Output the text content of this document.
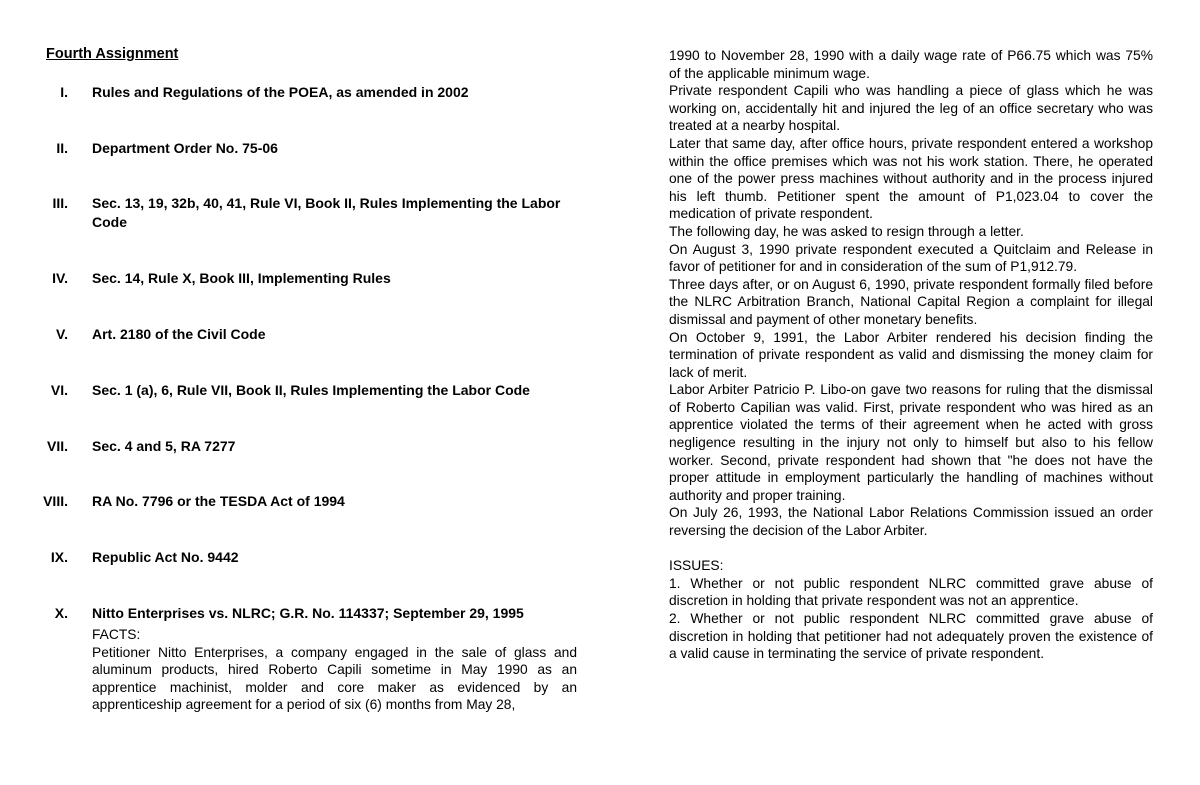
Fourth Assignment

I. Rules and Regulations of the POEA, as amended in 2002
II. Department Order No. 75-06
III. Sec. 13, 19, 32b, 40, 41, Rule VI, Book II, Rules Implementing the Labor Code
IV. Sec. 14, Rule X, Book III, Implementing Rules
V. Art. 2180 of the Civil Code
VI. Sec. 1 (a), 6, Rule VII, Book II, Rules Implementing the Labor Code
VII. Sec. 4 and 5, RA 7277
VIII. RA No. 7796 or the TESDA Act of 1994
IX. Republic Act No. 9442
X. Nitto Enterprises vs. NLRC; G.R. No. 114337; September 29, 1995
FACTS:
Petitioner Nitto Enterprises, a company engaged in the sale of glass and aluminum products, hired Roberto Capili sometime in May 1990 as an apprentice machinist, molder and core maker as evidenced by an apprenticeship agreement for a period of six (6) months from May 28,

1990 to November 28, 1990 with a daily wage rate of P66.75 which was 75% of the applicable minimum wage.

Private respondent Capili who was handling a piece of glass which he was working on, accidentally hit and injured the leg of an office secretary who was treated at a nearby hospital.

Later that same day, after office hours, private respondent entered a workshop within the office premises which was not his work station. There, he operated one of the power press machines without authority and in the process injured his left thumb. Petitioner spent the amount of P1,023.04 to cover the medication of private respondent.

The following day, he was asked to resign through a letter.

On August 3, 1990 private respondent executed a Quitclaim and Release in favor of petitioner for and in consideration of the sum of P1,912.79.

Three days after, or on August 6, 1990, private respondent formally filed before the NLRC Arbitration Branch, National Capital Region a complaint for illegal dismissal and payment of other monetary benefits.

On October 9, 1991, the Labor Arbiter rendered his decision finding the termination of private respondent as valid and dismissing the money claim for lack of merit.

Labor Arbiter Patricio P. Libo-on gave two reasons for ruling that the dismissal of Roberto Capilian was valid. First, private respondent who was hired as an apprentice violated the terms of their agreement when he acted with gross negligence resulting in the injury not only to himself but also to his fellow worker. Second, private respondent had shown that "he does not have the proper attitude in employment particularly the handling of machines without authority and proper training.

On July 26, 1993, the National Labor Relations Commission issued an order reversing the decision of the Labor Arbiter.

ISSUES:

1. Whether or not public respondent NLRC committed grave abuse of discretion in holding that private respondent was not an apprentice.

2. Whether or not public respondent NLRC committed grave abuse of discretion in holding that petitioner had not adequately proven the existence of a valid cause in terminating the service of private respondent.
